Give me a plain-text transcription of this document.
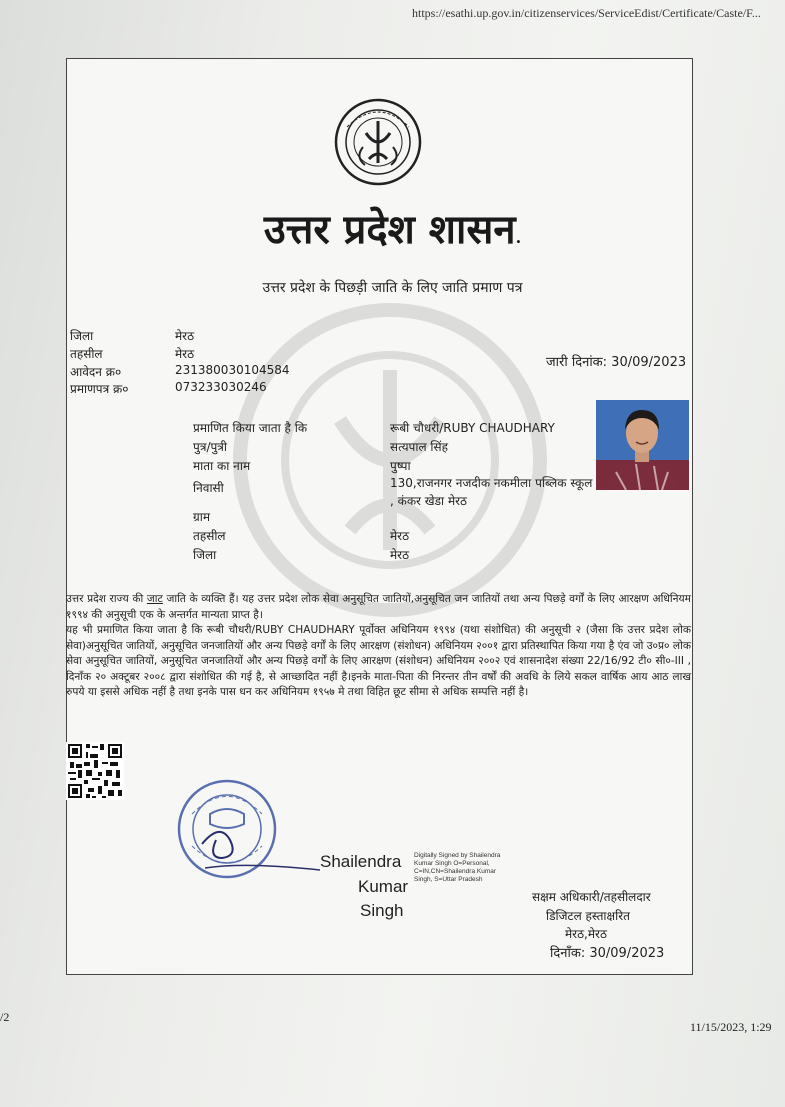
https://esathi.up.gov.in/citizenservices/ServiceEdist/Certificate/Caste/F...
उत्तर प्रदेश शासन.
उत्तर प्रदेश के पिछड़ी जाति के लिए जाति प्रमाण पत्र
जिला	मेरठ
तहसील	मेरठ
आवेदन क्र०	231380030104584
प्रमाणपत्र क्र०	073233030246
जारी दिनांक: 30/09/2023
प्रमाणित किया जाता है कि	रूबी चौधरी/RUBY CHAUDHARY
पुत्र/पुत्री	सत्यपाल सिंह
माता का नाम	पुष्पा
निवासी	130,राजनगर नजदीक नकमीला पब्लिक स्कूल , कंकर खेडा मेरठ
ग्राम
तहसील	मेरठ
जिला	मेरठ
उत्तर प्रदेश राज्य की जाट जाति के व्यक्ति हैं। यह उत्तर प्रदेश लोक सेवा अनुसूचित जातियों,अनुसूचित जन जातियों तथा अन्य पिछड़े वर्गों के लिए आरक्षण अधिनियम १९९४ की अनुसूची एक के अन्तर्गत मान्यता प्राप्त है।
यह भी प्रमाणित किया जाता है कि रूबी चौधरी/RUBY CHAUDHARY पूर्वोक्त अधिनियम १९९४ (यथा संशोधित) की अनुसूची २ (जैसा कि उत्तर प्रदेश लोक सेवा)अनुसूचित जातियों, अनुसूचित जनजातियों और अन्य पिछड़े वर्गों के लिए आरक्षण (संशोधन) अधिनियम २००१ द्वारा प्रतिस्थापित किया गया है एंव जो उ०प्र० लोक सेवा अनुसूचित जातियों, अनुसूचित जनजातियों और अन्य पिछड़े वर्गों के लिए आरक्षण (संशोधन) अधिनियम २००२ एवं शासनादेश संख्या 22/16/92 टी० सी०-III , दिनाँक २० अक्टूबर २००८ द्वारा संशोधित की गई है, से आच्छादित नहीं है।इनके माता-पिता की निरन्तर तीन वर्षों की अवधि के लिये सकल वार्षिक आय आठ लाख रुपये या इससे अधिक नहीं है तथा इनके पास धन कर अधिनियम १९५७ मे तथा विहित छूट सीमा से अधिक सम्पत्ति नहीं है।
Shailendra
Kumar
Singh
Digitally Signed by Shailendra Kumar Singh O=Personal, C=IN,CN=Shailendra Kumar Singh, S=Uttar Pradesh
सक्षम अधिकारी/तहसीलदार
डिजिटल हस्ताक्षरित
मेरठ,मेरठ
दिनाँक: 30/09/2023
/2
11/15/2023, 1:29
